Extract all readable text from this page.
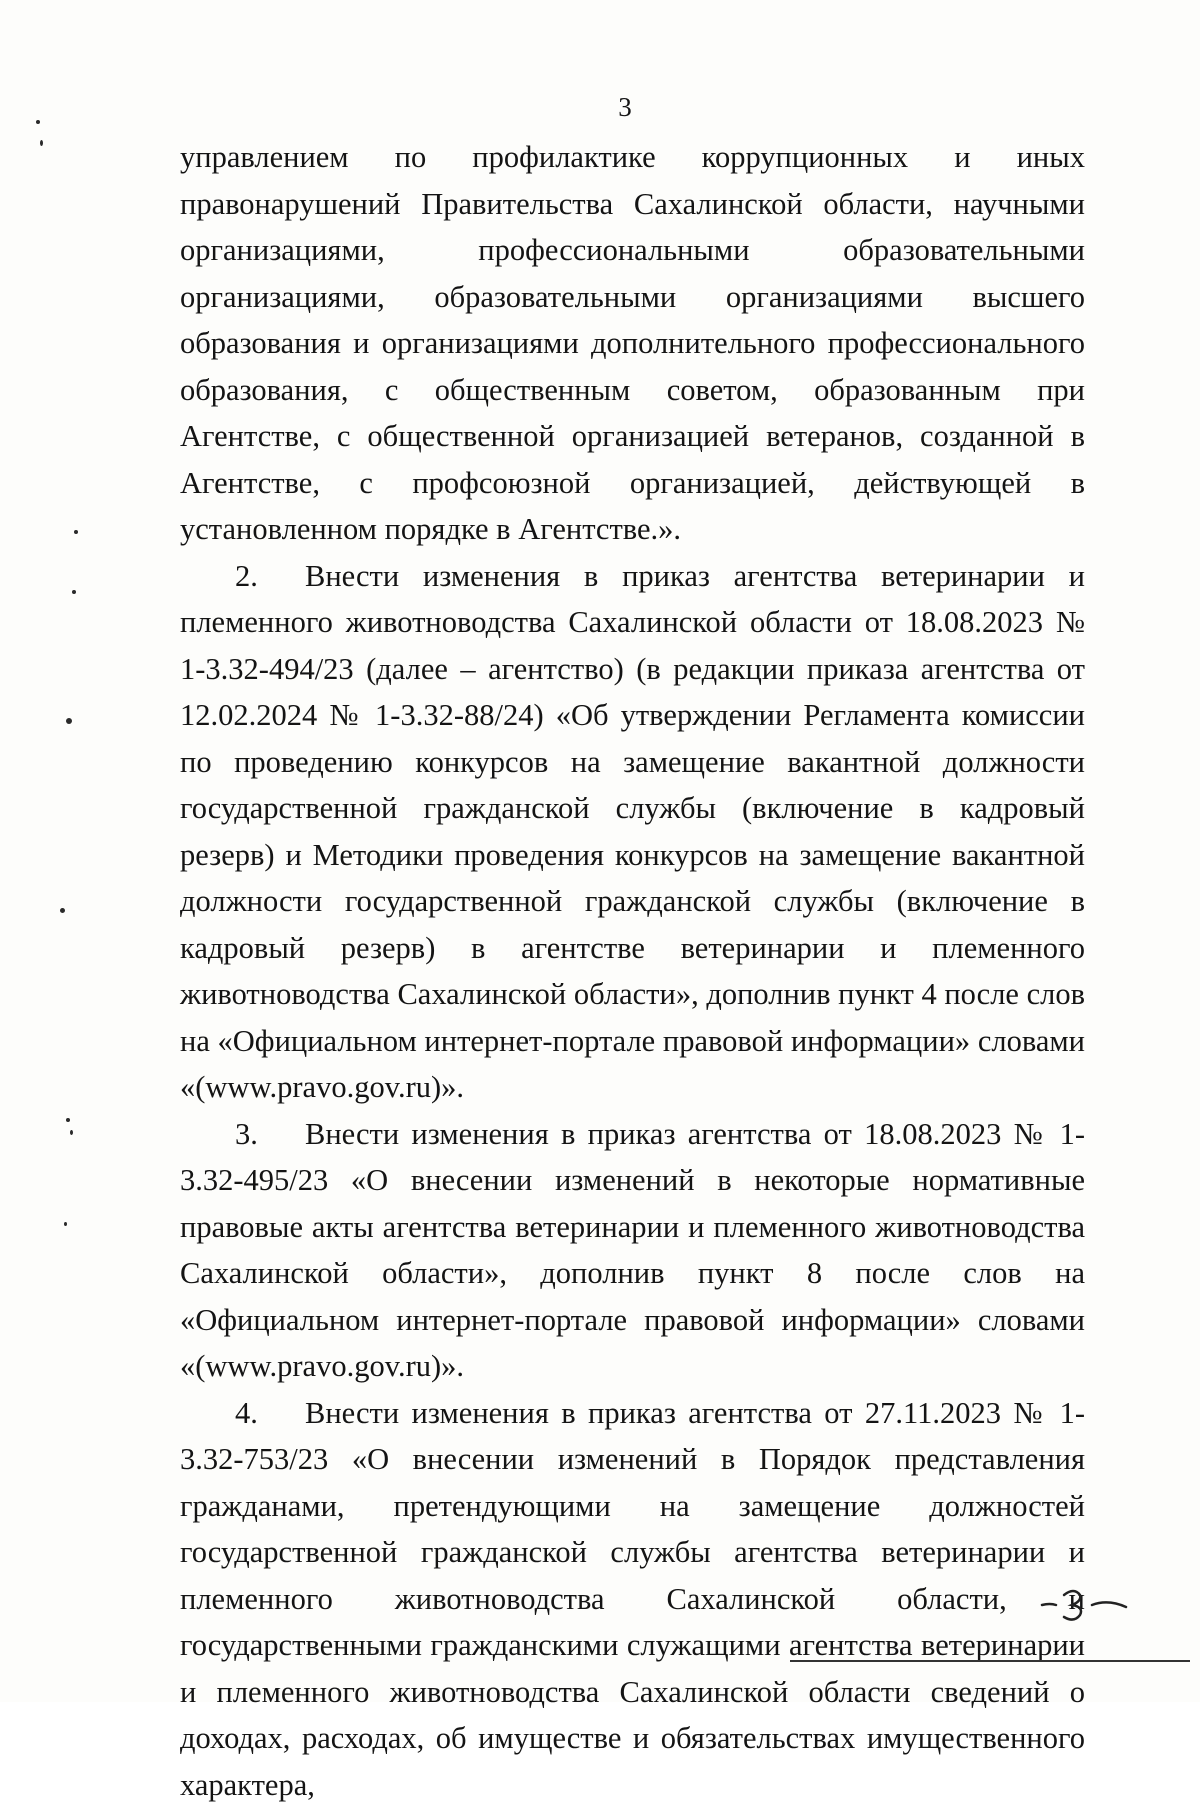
3

управлением по профилактике коррупционных и иных правонарушений Правительства Сахалинской области, научными организациями, профессиональными образовательными организациями, образовательными организациями высшего образования и организациями дополнительного профессионального образования, с общественным советом, образованным при Агентстве, с общественной организацией ветеранов, созданной в Агентстве, с профсоюзной организацией, действующей в установленном порядке в Агентстве.».

2. Внести изменения в приказ агентства ветеринарии и племенного животноводства Сахалинской области от 18.08.2023 № 1-3.32-494/23 (далее – агентство) (в редакции приказа агентства от 12.02.2024 № 1-3.32-88/24) «Об утверждении Регламента комиссии по проведению конкурсов на замещение вакантной должности государственной гражданской службы (включение в кадровый резерв) и Методики проведения конкурсов на замещение вакантной должности государственной гражданской службы (включение в кадровый резерв) в агентстве ветеринарии и племенного животноводства Сахалинской области», дополнив пункт 4 после слов на «Официальном интернет-портале правовой информации» словами «(www.pravo.gov.ru)».

3. Внести изменения в приказ агентства от 18.08.2023 № 1-3.32-495/23 «О внесении изменений в некоторые нормативные правовые акты агентства ветеринарии и племенного животноводства Сахалинской области», дополнив пункт 8 после слов на «Официальном интернет-портале правовой информации» словами «(www.pravo.gov.ru)».

4. Внести изменения в приказ агентства от 27.11.2023 № 1-3.32-753/23 «О внесении изменений в Порядок представления гражданами, претендующими на замещение должностей государственной гражданской службы агентства ветеринарии и племенного животноводства Сахалинской области, и государственными гражданскими служащими агентства ветеринарии и племенного животноводства Сахалинской области сведений о доходах, расходах, об имуществе и обязательствах имущественного характера,
